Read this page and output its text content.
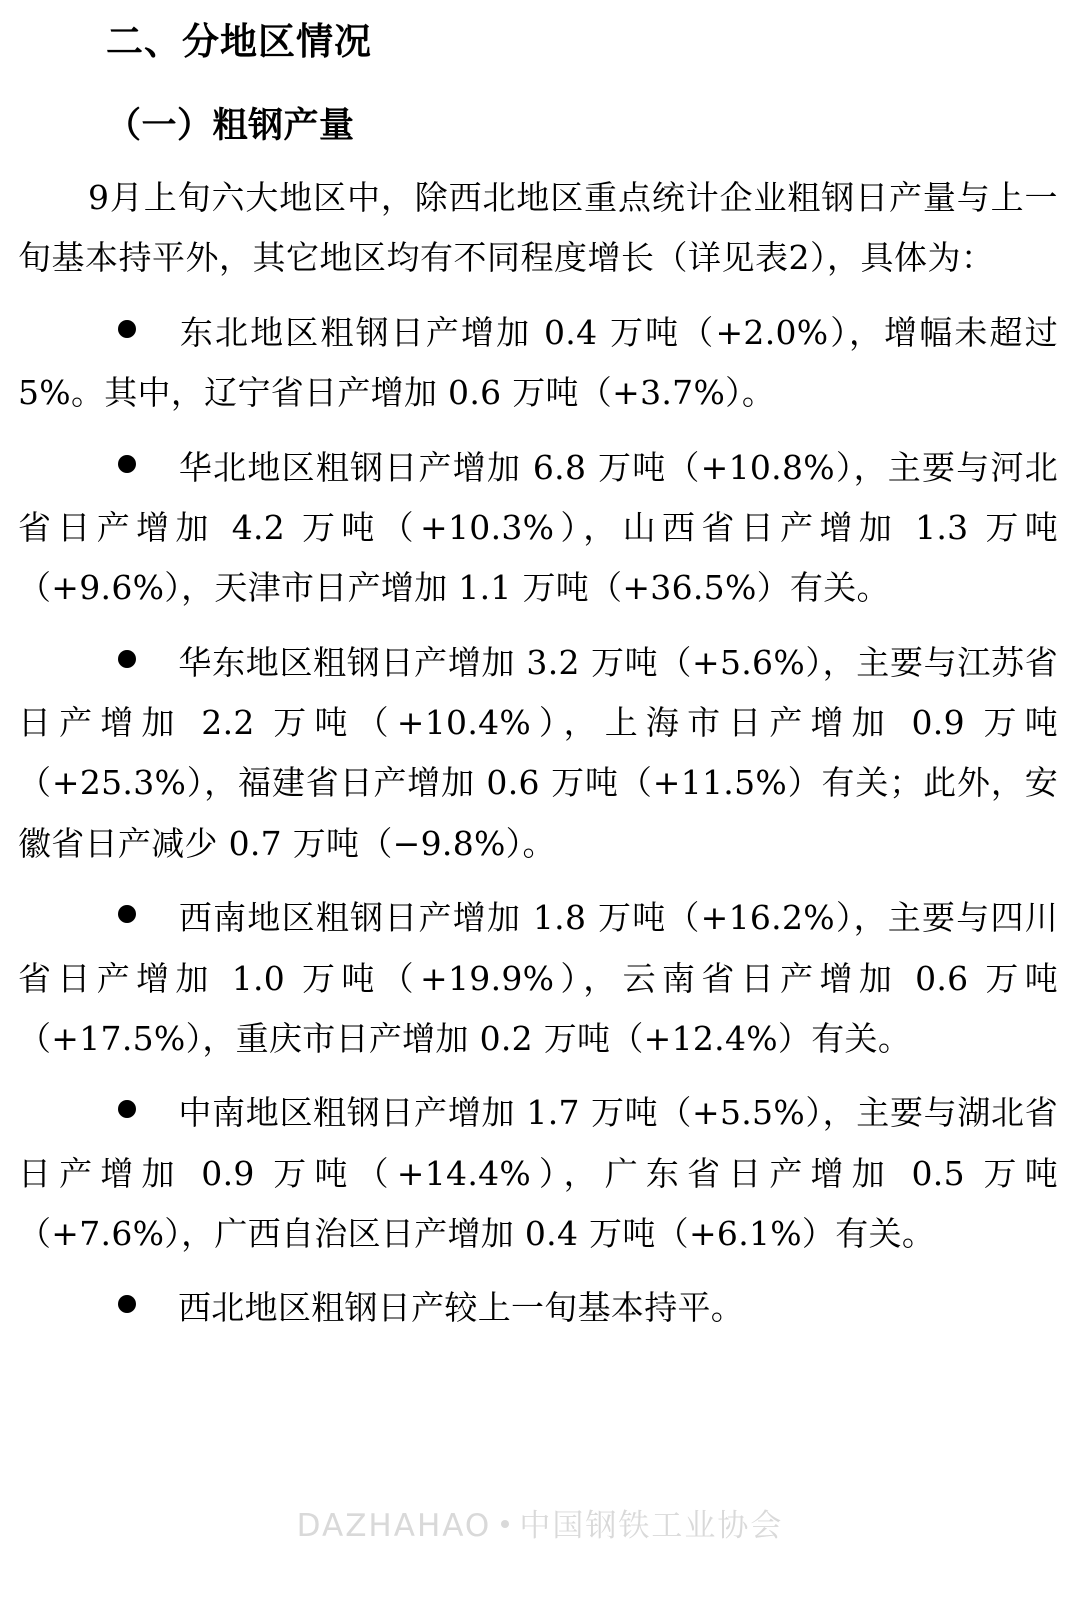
二、分地区情况
（一）粗钢产量

9月上旬六大地区中，除西北地区重点统计企业粗钢日产量与上一旬基本持平外，其它地区均有不同程度增长（详见表2），具体为：

东北地区粗钢日产增加 0.4 万吨（+2.0%），增幅未超过 5%。其中，辽宁省日产增加 0.6 万吨（+3.7%）。
华北地区粗钢日产增加 6.8 万吨（+10.8%），主要与河北省日产增加 4.2 万吨（+10.3%），山西省日产增加 1.3 万吨（+9.6%），天津市日产增加 1.1 万吨（+36.5%）有关。
华东地区粗钢日产增加 3.2 万吨（+5.6%），主要与江苏省日产增加 2.2 万吨（+10.4%），上海市日产增加 0.9 万吨（+25.3%），福建省日产增加 0.6 万吨（+11.5%）有关；此外，安徽省日产减少 0.7 万吨（−9.8%）。
西南地区粗钢日产增加 1.8 万吨（+16.2%），主要与四川省日产增加 1.0 万吨（+19.9%），云南省日产增加 0.6 万吨（+17.5%），重庆市日产增加 0.2 万吨（+12.4%）有关。
中南地区粗钢日产增加 1.7 万吨（+5.5%），主要与湖北省日产增加 0.9 万吨（+14.4%），广东省日产增加 0.5 万吨（+7.6%），广西自治区日产增加 0.4 万吨（+6.1%）有关。
西北地区粗钢日产较上一旬基本持平。
DAZHAHAO 中国钢铁工业协会
